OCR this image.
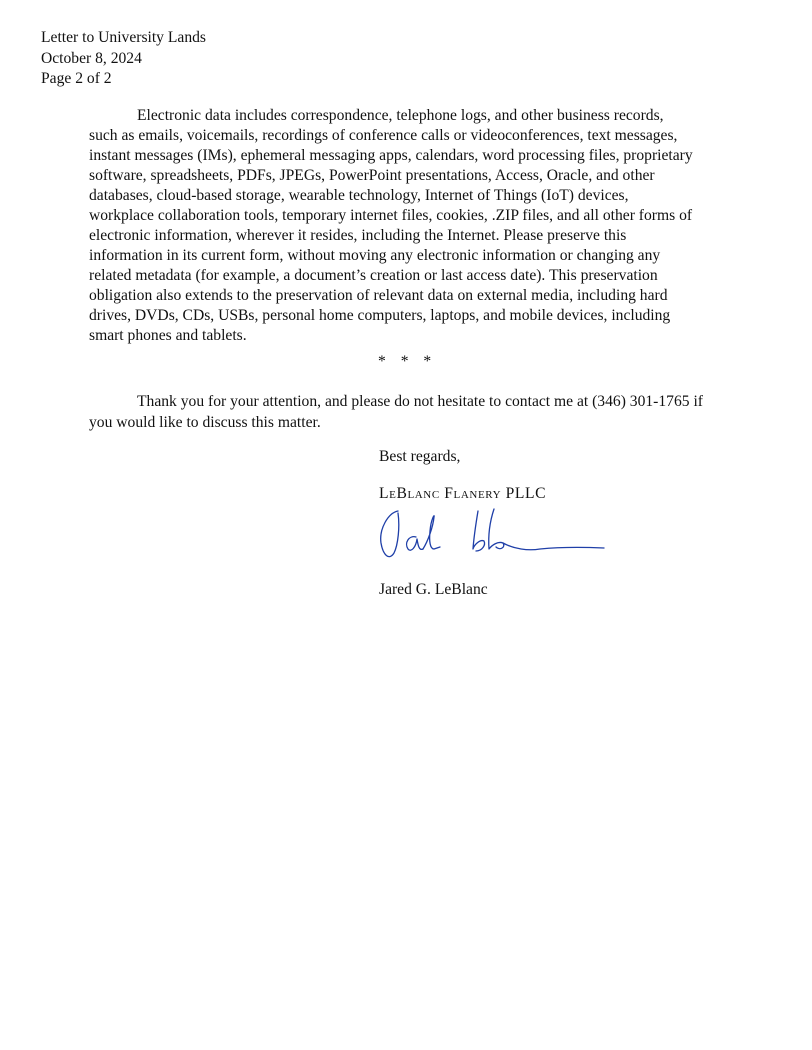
Letter to University Lands
October 8, 2024
Page 2 of 2
Electronic data includes correspondence, telephone logs, and other business records,
such as emails, voicemails, recordings of conference calls or videoconferences, text messages,
instant messages (IMs), ephemeral messaging apps, calendars, word processing files, proprietary
software, spreadsheets, PDFs, JPEGs, PowerPoint presentations, Access, Oracle, and other
databases, cloud-based storage, wearable technology, Internet of Things (IoT) devices,
workplace collaboration tools, temporary internet files, cookies, .ZIP files, and all other forms of
electronic information, wherever it resides, including the Internet. Please preserve this
information in its current form, without moving any electronic information or changing any
related metadata (for example, a document’s creation or last access date). This preservation
obligation also extends to the preservation of relevant data on external media, including hard
drives, DVDs, CDs, USBs, personal home computers, laptops, and mobile devices, including
smart phones and tablets.
* * *
Thank you for your attention, and please do not hesitate to contact me at (346) 301-1765 if
you would like to discuss this matter.
Best regards,
LeBlanc Flanery PLLC
Jared G. LeBlanc
